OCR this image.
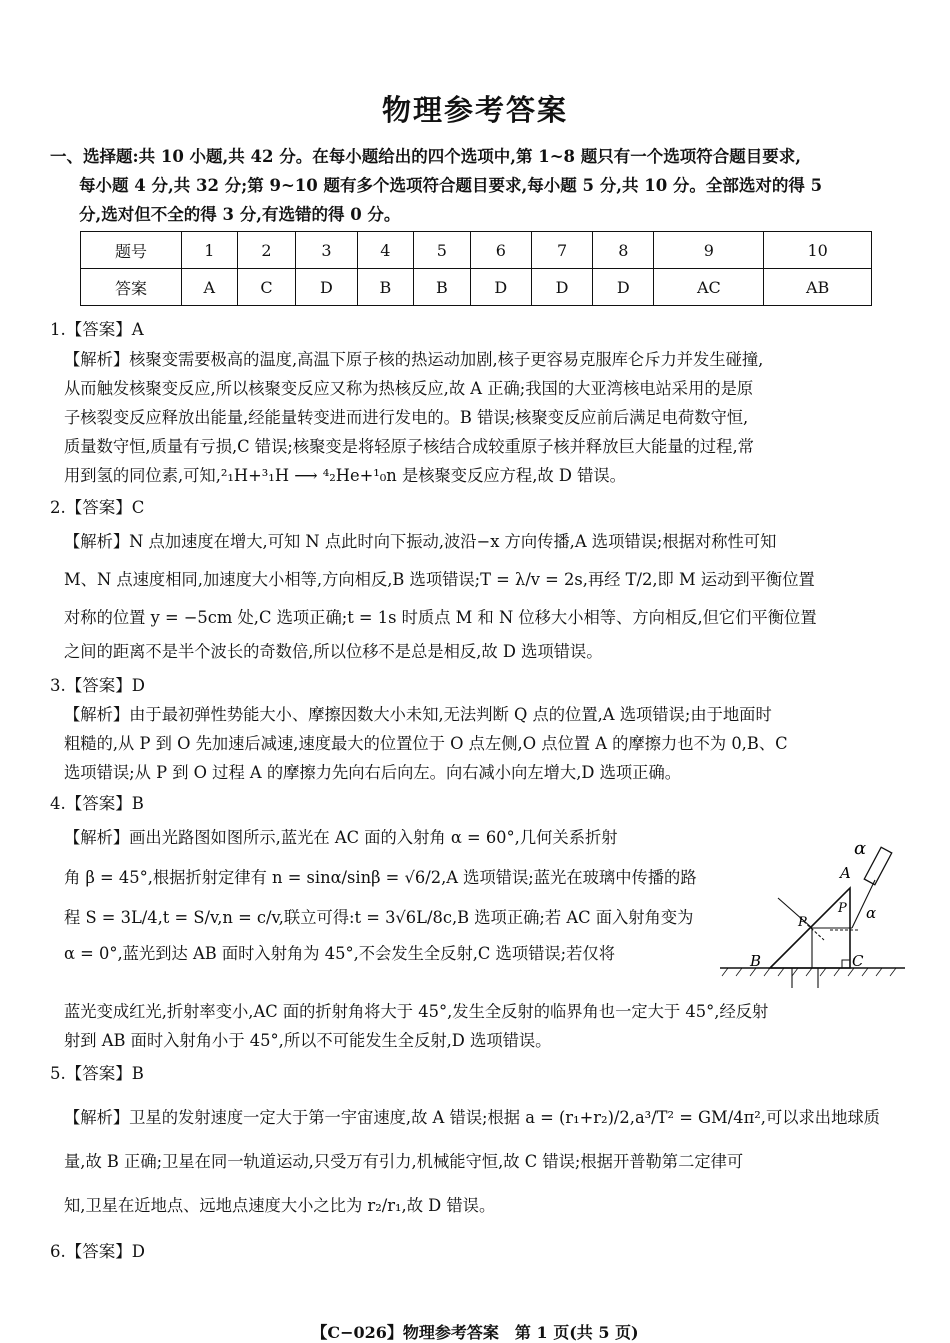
物理参考答案
一、选择题:共 10 小题,共 42 分。在每小题给出的四个选项中,第 1~8 题只有一个选项符合题目要求,
每小题 4 分,共 32 分;第 9~10 题有多个选项符合题目要求,每小题 5 分,共 10 分。全部选对的得 5
分,选对但不全的得 3 分,有选错的得 0 分。
题号	1	2	3	4	5	6	7	8	9	10
答案	A	C	D	B	B	D	D	D	AC	AB
1.【答案】A
【解析】核聚变需要极高的温度,高温下原子核的热运动加剧,核子更容易克服库仑斥力并发生碰撞,
从而触发核聚变反应,所以核聚变反应又称为热核反应,故 A 正确;我国的大亚湾核电站采用的是原
子核裂变反应释放出能量,经能量转变进而进行发电的。B 错误;核聚变反应前后满足电荷数守恒,
质量数守恒,质量有亏损,C 错误;核聚变是将轻原子核结合成较重原子核并释放巨大能量的过程,常
用到氢的同位素,可知,²₁H+³₁H ⟶ ⁴₂He+¹₀n 是核聚变反应方程,故 D 错误。
2.【答案】C
【解析】N 点加速度在增大,可知 N 点此时向下振动,波沿−x 方向传播,A 选项错误;根据对称性可知
M、N 点速度相同,加速度大小相等,方向相反,B 选项错误;T = λ/v = 2s,再经 T/2,即 M 运动到平衡位置
对称的位置 y = −5cm 处,C 选项正确;t = 1s 时质点 M 和 N 位移大小相等、方向相反,但它们平衡位置
之间的距离不是半个波长的奇数倍,所以位移不是总是相反,故 D 选项错误。
3.【答案】D
【解析】由于最初弹性势能大小、摩擦因数大小未知,无法判断 Q 点的位置,A 选项错误;由于地面时
粗糙的,从 P 到 O 先加速后减速,速度最大的位置位于 O 点左侧,O 点位置 A 的摩擦力也不为 0,B、C
选项错误;从 P 到 O 过程 A 的摩擦力先向右后向左。向右减小向左增大,D 选项正确。
4.【答案】B
【解析】画出光路图如图所示,蓝光在 AC 面的入射角 α = 60°,几何关系折射
角 β = 45°,根据折射定律有 n = sinα/sinβ = √6/2,A 选项错误;蓝光在玻璃中传播的路
程 S = 3L/4,t = S/v,n = c/v,联立可得:t = 3√6L/8c,B 选项正确;若 AC 面入射角变为
α = 0°,蓝光到达 AB 面时入射角为 45°,不会发生全反射,C 选项错误;若仅将
蓝光变成红光,折射率变小,AC 面的折射角将大于 45°,发生全反射的临界角也一定大于 45°,经反射
射到 AB 面时入射角小于 45°,所以不可能发生全反射,D 选项错误。
α
A
α
P
P
B	C
5.【答案】B
【解析】卫星的发射速度一定大于第一宇宙速度,故 A 错误;根据 a = (r₁+r₂)/2,a³/T² = GM/4π²,可以求出地球质
量,故 B 正确;卫星在同一轨道运动,只受万有引力,机械能守恒,故 C 错误;根据开普勒第二定律可
知,卫星在近地点、远地点速度大小之比为 r₂/r₁,故 D 错误。
6.【答案】D
【C−026】物理参考答案　第 1 页(共 5 页)
